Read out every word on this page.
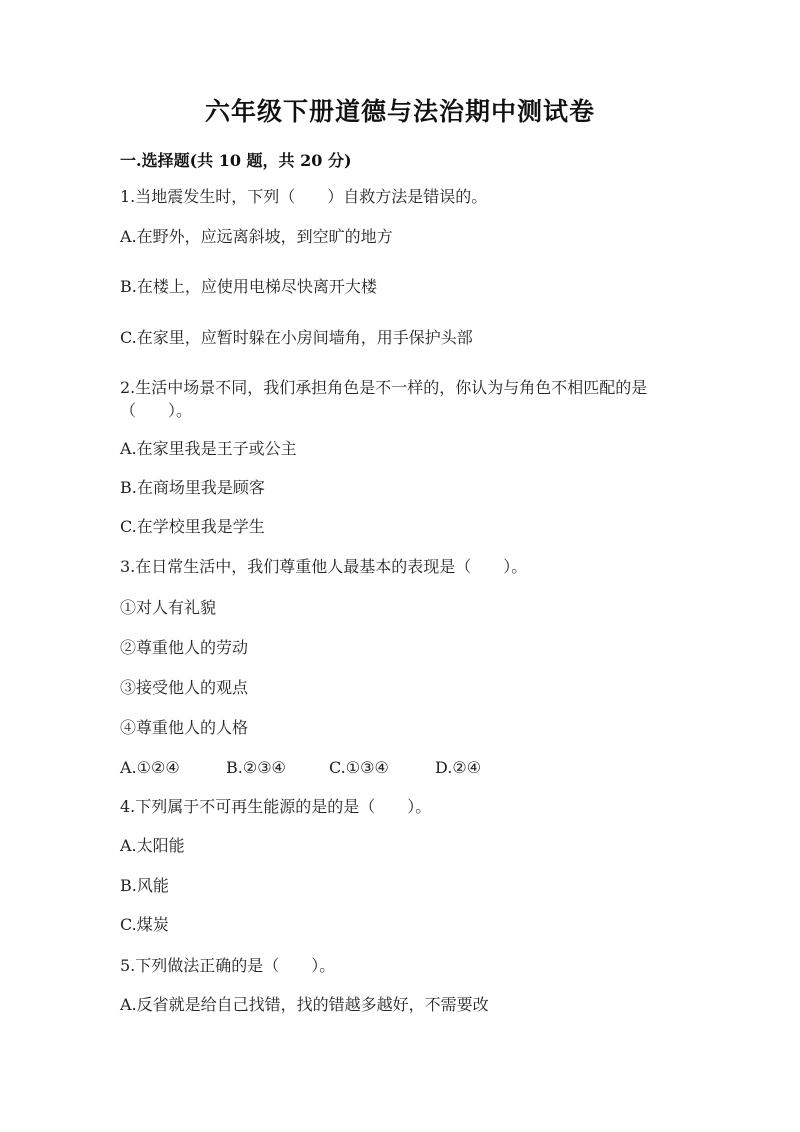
六年级下册道德与法治期中测试卷
一.选择题(共 10 题，共 20 分)
1.当地震发生时，下列（　　）自救方法是错误的。
A.在野外，应远离斜坡，到空旷的地方
B.在楼上，应使用电梯尽快离开大楼
C.在家里，应暂时躲在小房间墙角，用手保护头部
2.生活中场景不同，我们承担角色是不一样的，你认为与角色不相匹配的是
（　　）。
A.在家里我是王子或公主
B.在商场里我是顾客
C.在学校里我是学生
3.在日常生活中，我们尊重他人最基本的表现是（　　）。
①对人有礼貌
②尊重他人的劳动
③接受他人的观点
④尊重他人的人格
A.①②④	B.②③④	C.①③④	D.②④
4.下列属于不可再生能源的是的是（　　）。
A.太阳能
B.风能
C.煤炭
5.下列做法正确的是（　　）。
A.反省就是给自己找错，找的错越多越好，不需要改
